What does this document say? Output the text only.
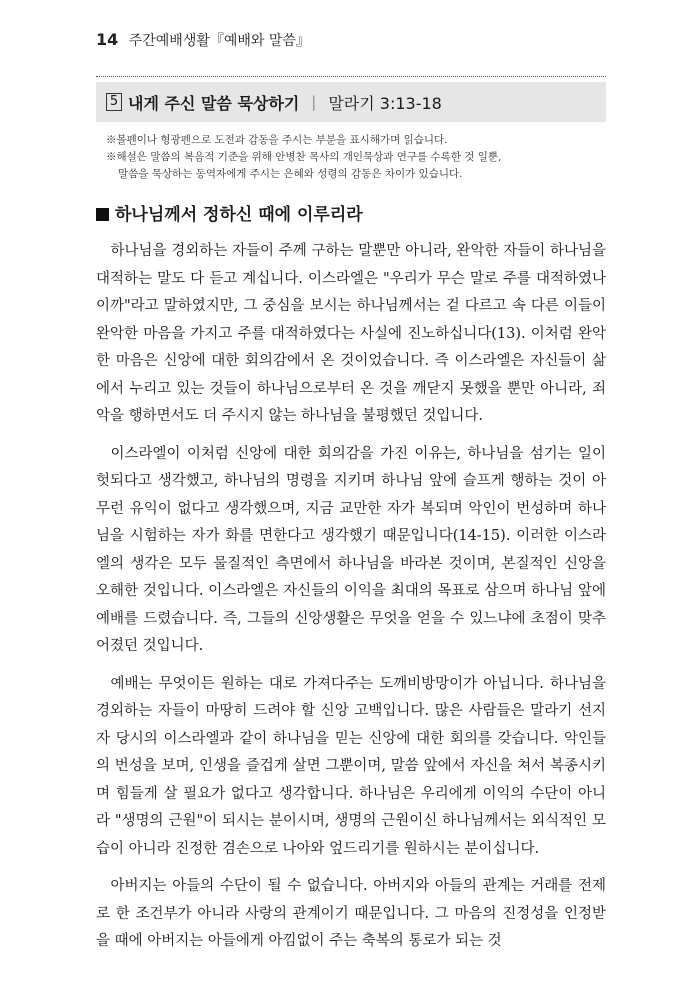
14 주간예배생활『예배와 말씀』
5 내게 주신 말씀 묵상하기 | 말라기 3:13-18

※볼펜이나 형광펜으로 도전과 감동을 주시는 부분을 표시해가며 읽습니다.

※해설은 말씀의 복음적 기준을 위해 안병찬 목사의 개인묵상과 연구를 수록한 것 일뿐,

말씀을 묵상하는 동역자에게 주시는 은혜와 성령의 감동은 차이가 있습니다.

하나님께서 정하신 때에 이루리라

하나님을 경외하는 자들이 주께 구하는 말뿐만 아니라, 완악한 자들이 하나님을 대적하는 말도 다 듣고 계십니다. 이스라엘은 "우리가 무슨 말로 주를 대적하였나이까"라고 말하였지만, 그 중심을 보시는 하나님께서는 겉 다르고 속 다른 이들이 완악한 마음을 가지고 주를 대적하였다는 사실에 진노하십니다(13). 이처럼 완악한 마음은 신앙에 대한 회의감에서 온 것이었습니다. 즉 이스라엘은 자신들이 삶에서 누리고 있는 것들이 하나님으로부터 온 것을 깨닫지 못했을 뿐만 아니라, 죄악을 행하면서도 더 주시지 않는 하나님을 불평했던 것입니다.

이스라엘이 이처럼 신앙에 대한 회의감을 가진 이유는, 하나님을 섬기는 일이 헛되다고 생각했고, 하나님의 명령을 지키며 하나님 앞에 슬프게 행하는 것이 아무런 유익이 없다고 생각했으며, 지금 교만한 자가 복되며 악인이 번성하며 하나님을 시험하는 자가 화를 면한다고 생각했기 때문입니다(14-15). 이러한 이스라엘의 생각은 모두 물질적인 측면에서 하나님을 바라본 것이며, 본질적인 신앙을 오해한 것입니다. 이스라엘은 자신들의 이익을 최대의 목표로 삼으며 하나님 앞에 예배를 드렸습니다. 즉, 그들의 신앙생활은 무엇을 얻을 수 있느냐에 초점이 맞추어졌던 것입니다.

예배는 무엇이든 원하는 대로 가져다주는 도깨비방망이가 아닙니다. 하나님을 경외하는 자들이 마땅히 드려야 할 신앙 고백입니다. 많은 사람들은 말라기 선지자 당시의 이스라엘과 같이 하나님을 믿는 신앙에 대한 회의를 갖습니다. 악인들의 번성을 보며, 인생을 즐겁게 살면 그뿐이며, 말씀 앞에서 자신을 쳐서 복종시키며 힘들게 살 필요가 없다고 생각합니다. 하나님은 우리에게 이익의 수단이 아니라 "생명의 근원"이 되시는 분이시며, 생명의 근원이신 하나님께서는 외식적인 모습이 아니라 진정한 겸손으로 나아와 엎드리기를 원하시는 분이십니다.

아버지는 아들의 수단이 될 수 없습니다. 아버지와 아들의 관계는 거래를 전제로 한 조건부가 아니라 사랑의 관계이기 때문입니다. 그 마음의 진정성을 인정받을 때에 아버지는 아들에게 아낌없이 주는 축복의 통로가 되는 것
